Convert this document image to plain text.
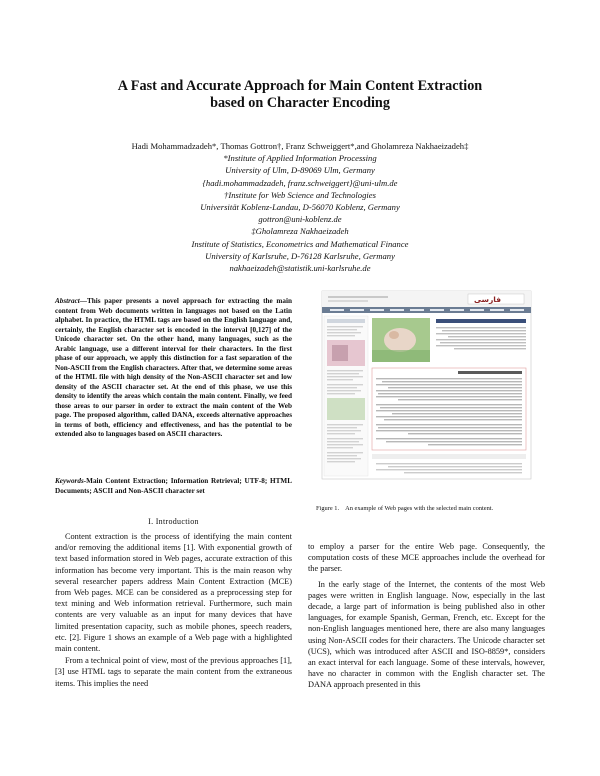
A Fast and Accurate Approach for Main Content Extraction
based on Character Encoding
Hadi Mohammadzadeh*, Thomas Gottron†, Franz Schweiggert*,and Gholamreza Nakhaeizadeh‡
*Institute of Applied Information Processing
University of Ulm, D-89069 Ulm, Germany
{hadi.mohammadzadeh, franz.schweiggert}@uni-ulm.de
†Institute for Web Science and Technologies
Universität Koblenz-Landau, D-56070 Koblenz, Germany
gottron@uni-koblenz.de
‡Gholamreza Nakhaeizadeh
Institute of Statistics, Econometrics and Mathematical Finance
University of Karlsruhe, D-76128 Karlsruhe, Germany
nakhaeizadeh@statistik.uni-karlsruhe.de

Abstract—This paper presents a novel approach for extracting the main content from Web documents written in languages not based on the Latin alphabet. In practice, the HTML tags are based on the English language and, certainly, the English character set is encoded in the interval [0,127] of the Unicode character set. On the other hand, many languages, such as the Arabic language, use a different interval for their characters. In the first phase of our approach, we apply this distinction for a fast separation of the Non-ASCII from the English characters. After that, we determine some areas of the HTML file with high density of the Non-ASCII character set and low density of the ASCII character set. At the end of this phase, we use this density to identify the areas which contain the main content. Finally, we feed those areas to our parser in order to extract the main content of the Web page. The proposed algorithm, called DANA, exceeds alternative approaches in terms of both, efficiency and effectiveness, and has the potential to be extended also to languages based on ASCII characters.

Keywords-Main Content Extraction; Information Retrieval; UTF-8; HTML Documents; ASCII and Non-ASCII character set

I. Introduction

Content extraction is the process of identifying the main content and/or removing the additional items [1]. With exponential growth of text based information stored in Web pages, accurate extraction of this information has become very important. This is the main reason why several researcher papers address Main Content Extraction (MCE) from Web pages. MCE can be considered as a preprocessing step for text mining and Web information retrieval. Furthermore, such main contents are very valuable as an input for many devices that have limited presentation capacity, such as mobile phones, speech readers, etc. [2]. Figure 1 shows an example of a Web page with a highlighted main content.

From a technical point of view, most of the previous approaches [1], [3] use HTML tags to separate the main content from the extraneous items. This implies the need

فارسی
Figure 1. An example of Web pages with the selected main content.

to employ a parser for the entire Web page. Consequently, the computation costs of these MCE approaches include the overhead for the parser.

In the early stage of the Internet, the contents of the most Web pages were written in English language. Now, especially in the last decade, a large part of information is being published also in other languages, for example Spanish, German, French, etc. Except for the non-English languages mentioned here, there are also many languages using Non-ASCII codes for their characters. The Unicode character set (UCS), which was introduced after ASCII and ISO-8859*, considers an exact interval for each language. Some of these intervals, however, have no character in common with the English character set. The DANA approach presented in this
